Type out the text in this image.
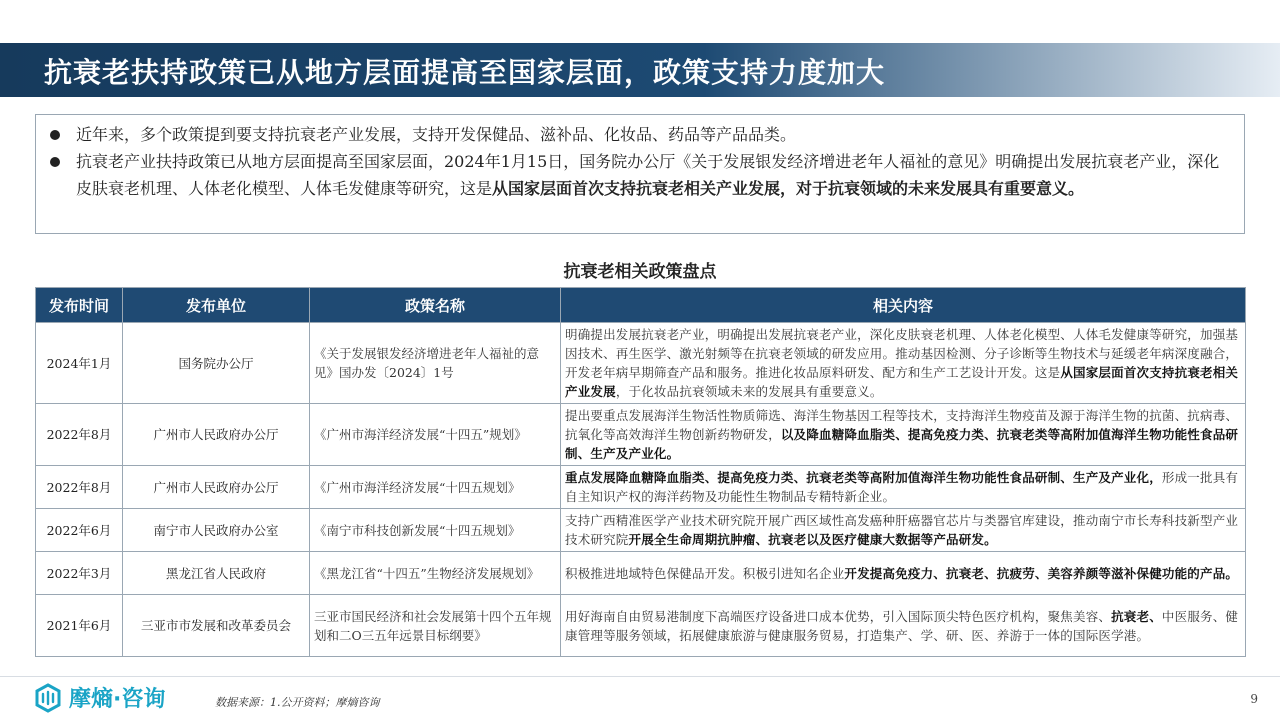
抗衰老扶持政策已从地方层面提高至国家层面，政策支持力度加大

近年来，多个政策提到要支持抗衰老产业发展，支持开发保健品、滋补品、化妆品、药品等产品品类。

抗衰老产业扶持政策已从地方层面提高至国家层面，2024年1月15日，国务院办公厅《关于发展银发经济增进老年人福祉的意见》明确提出发展抗衰老产业，深化皮肤衰老机理、人体老化模型、人体毛发健康等研究，这是从国家层面首次支持抗衰老相关产业发展，对于抗衰领域的未来发展具有重要意义。

抗衰老相关政策盘点
发布时间	发布单位	政策名称	相关内容
2024年1月	国务院办公厅	《关于发展银发经济增进老年人福祉的意见》国办发〔2024〕1号	明确提出发展抗衰老产业，明确提出发展抗衰老产业，深化皮肤衰老机理、人体老化模型、人体毛发健康等研究，加强基因技术、再生医学、激光射频等在抗衰老领域的研发应用。推动基因检测、分子诊断等生物技术与延缓老年病深度融合，开发老年病早期筛查产品和服务。推进化妆品原料研发、配方和生产工艺设计开发。这是从国家层面首次支持抗衰老相关产业发展，于化妆品抗衰领域未来的发展具有重要意义。
2022年8月	广州市人民政府办公厅	《广州市海洋经济发展“十四五”规划》	提出要重点发展海洋生物活性物质筛选、海洋生物基因工程等技术，支持海洋生物疫苗及源于海洋生物的抗菌、抗病毒、抗氧化等高效海洋生物创新药物研发，以及降血糖降血脂类、提高免疫力类、抗衰老类等高附加值海洋生物功能性食品研制、生产及产业化。
2022年8月	广州市人民政府办公厅	《广州市海洋经济发展“十四五规划》	重点发展降血糖降血脂类、提高免疫力类、抗衰老类等高附加值海洋生物功能性食品研制、生产及产业化，形成一批具有自主知识产权的海洋药物及功能性生物制品专精特新企业。
2022年6月	南宁市人民政府办公室	《南宁市科技创新发展“十四五规划》	支持广西精准医学产业技术研究院开展广西区域性高发癌种肝癌器官芯片与类器官库建设，推动南宁市长寿科技新型产业技术研究院开展全生命周期抗肿瘤、抗衰老以及医疗健康大数据等产品研发。
2022年3月	黑龙江省人民政府	《黑龙江省“十四五”生物经济发展规划》	积极推进地域特色保健品开发。积极引进知名企业开发提高免疫力、抗衰老、抗疲劳、美容养颜等滋补保健功能的产品。
2021年6月	三亚市市发展和改革委员会	三亚市国民经济和社会发展第十四个五年规划和二O三五年远景目标纲要》	用好海南自由贸易港制度下高端医疗设备进口成本优势，引入国际顶尖特色医疗机构，聚焦美容、抗衰老、中医服务、健康管理等服务领域，拓展健康旅游与健康服务贸易，打造集产、学、研、医、养游于一体的国际医学港。
摩熵·咨询	数据来源：1.公开资料；摩熵咨询	9
